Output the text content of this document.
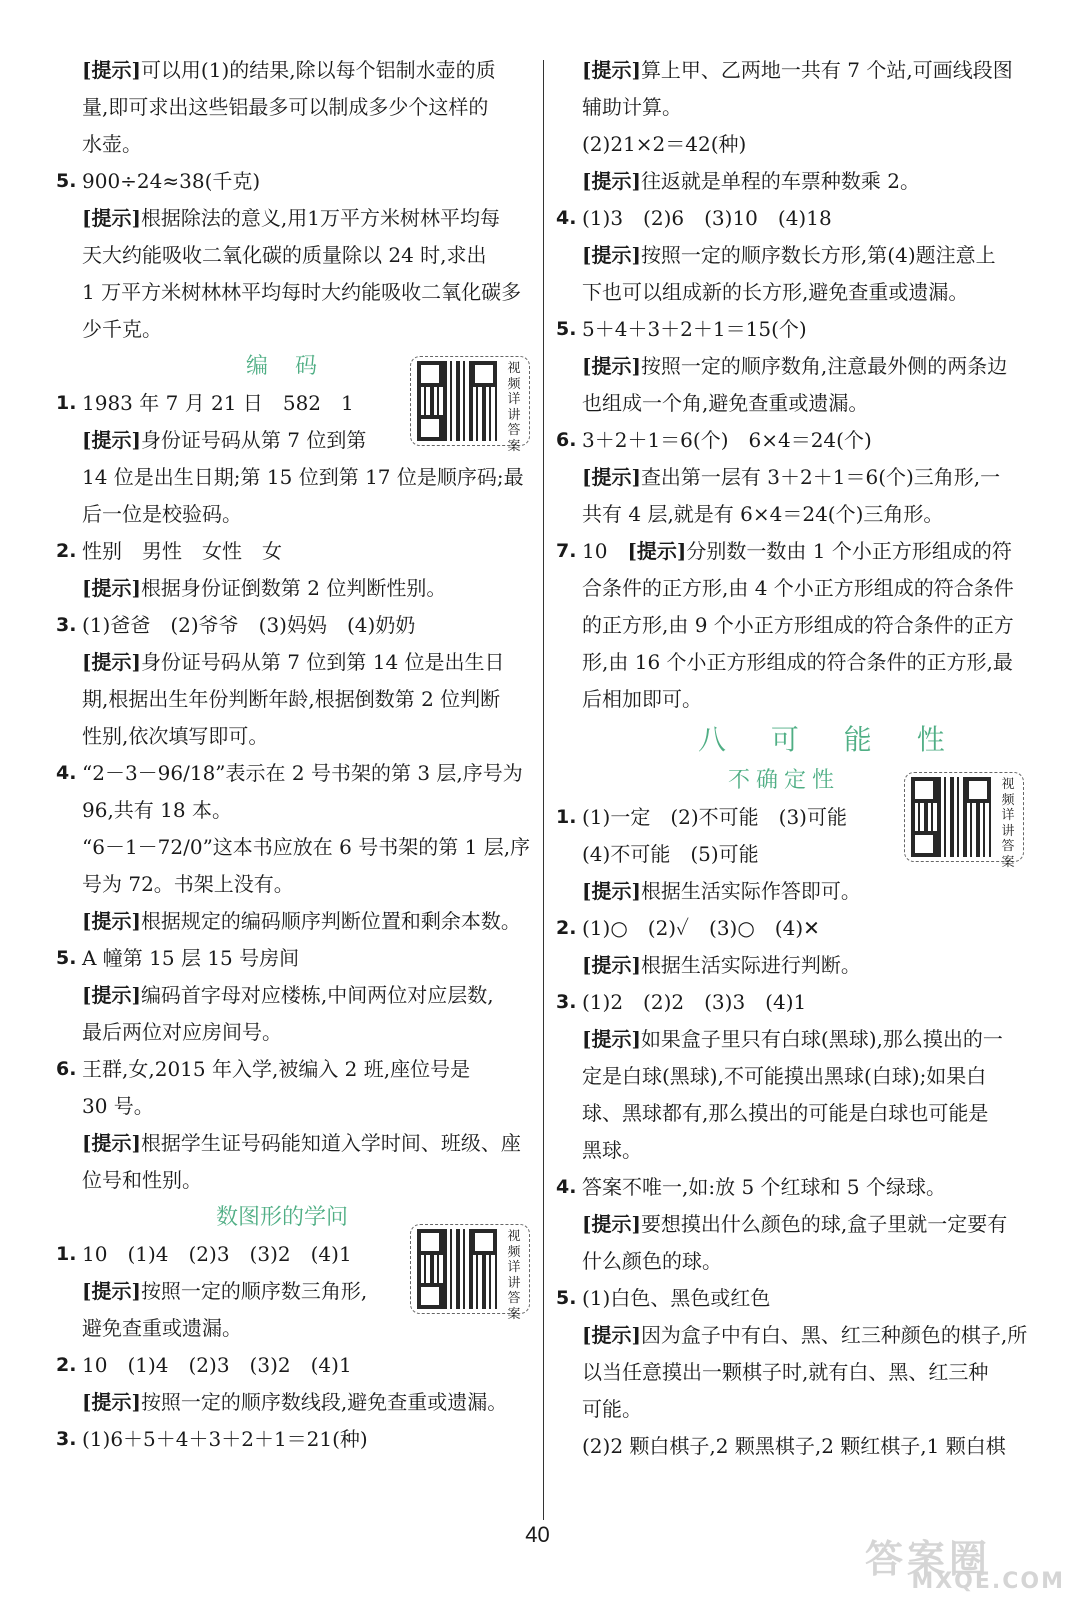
[提示]可以用(1)的结果,除以每个铝制水壶的质
量,即可求出这些铝最多可以制成多少个这样的
水壶。
5. 900÷24≈38(千克)
[提示]根据除法的意义,用1万平方米树林平均每
天大约能吸收二氧化碳的质量除以 24 时,求出
1 万平方米树林林平均每时大约能吸收二氧化碳多
少千克。
编 码
1. 1983 年 7 月 21 日　582　1
[提示]身份证号码从第 7 位到第
14 位是出生日期;第 15 位到第 17 位是顺序码;最
后一位是校验码。
2. 性别　男性　女性　女
[提示]根据身份证倒数第 2 位判断性别。
3. (1)爸爸　(2)爷爷　(3)妈妈　(4)奶奶
[提示]身份证号码从第 7 位到第 14 位是出生日
期,根据出生年份判断年龄,根据倒数第 2 位判断
性别,依次填写即可。
4. “2－3－96/18”表示在 2 号书架的第 3 层,序号为
96,共有 18 本。
“6－1－72/0”这本书应放在 6 号书架的第 1 层,序
号为 72。书架上没有。
[提示]根据规定的编码顺序判断位置和剩余本数。
5. A 幢第 15 层 15 号房间
[提示]编码首字母对应楼栋,中间两位对应层数,
最后两位对应房间号。
6. 王群,女,2015 年入学,被编入 2 班,座位号是
30 号。
[提示]根据学生证号码能知道入学时间、班级、座
位号和性别。
数图形的学问
1. 10　(1)4　(2)3　(3)2　(4)1
[提示]按照一定的顺序数三角形,
避免查重或遗漏。
2. 10　(1)4　(2)3　(3)2　(4)1
[提示]按照一定的顺序数线段,避免查重或遗漏。
3. (1)6＋5＋4＋3＋2＋1＝21(种)
视频详讲答案
视频详讲答案
[提示]算上甲、乙两地一共有 7 个站,可画线段图
辅助计算。
(2)21×2＝42(种)
[提示]往返就是单程的车票种数乘 2。
4. (1)3　(2)6　(3)10　(4)18
[提示]按照一定的顺序数长方形,第(4)题注意上
下也可以组成新的长方形,避免查重或遗漏。
5. 5＋4＋3＋2＋1＝15(个)
[提示]按照一定的顺序数角,注意最外侧的两条边
也组成一个角,避免查重或遗漏。
6. 3＋2＋1＝6(个)　6×4＝24(个)
[提示]查出第一层有 3＋2＋1＝6(个)三角形,一
共有 4 层,就是有 6×4＝24(个)三角形。
7. 10　 [提示]分别数一数由 1 个小正方形组成的符
合条件的正方形,由 4 个小正方形组成的符合条件
的正方形,由 9 个小正方形组成的符合条件的正方
形,由 16 个小正方形组成的符合条件的正方形,最
后相加即可。
八 可 能 性
不确定性
1. (1)一定　(2)不可能　(3)可能
(4)不可能　(5)可能
[提示]根据生活实际作答即可。
2. (1)○　(2)✓　(3)○　(4)✕
[提示]根据生活实际进行判断。
3. (1)2　(2)2　(3)3　(4)1
[提示]如果盒子里只有白球(黑球),那么摸出的一
定是白球(黑球),不可能摸出黑球(白球);如果白
球、黑球都有,那么摸出的可能是白球也可能是
黑球。
4. 答案不唯一,如:放 5 个红球和 5 个绿球。
[提示]要想摸出什么颜色的球,盒子里就一定要有
什么颜色的球。
5. (1)白色、黑色或红色
[提示]因为盒子中有白、黑、红三种颜色的棋子,所
以当任意摸出一颗棋子时,就有白、黑、红三种
可能。
(2)2 颗白棋子,2 颗黑棋子,2 颗红棋子,1 颗白棋
视频详讲答案
40
答案圈
MXQE.COM
